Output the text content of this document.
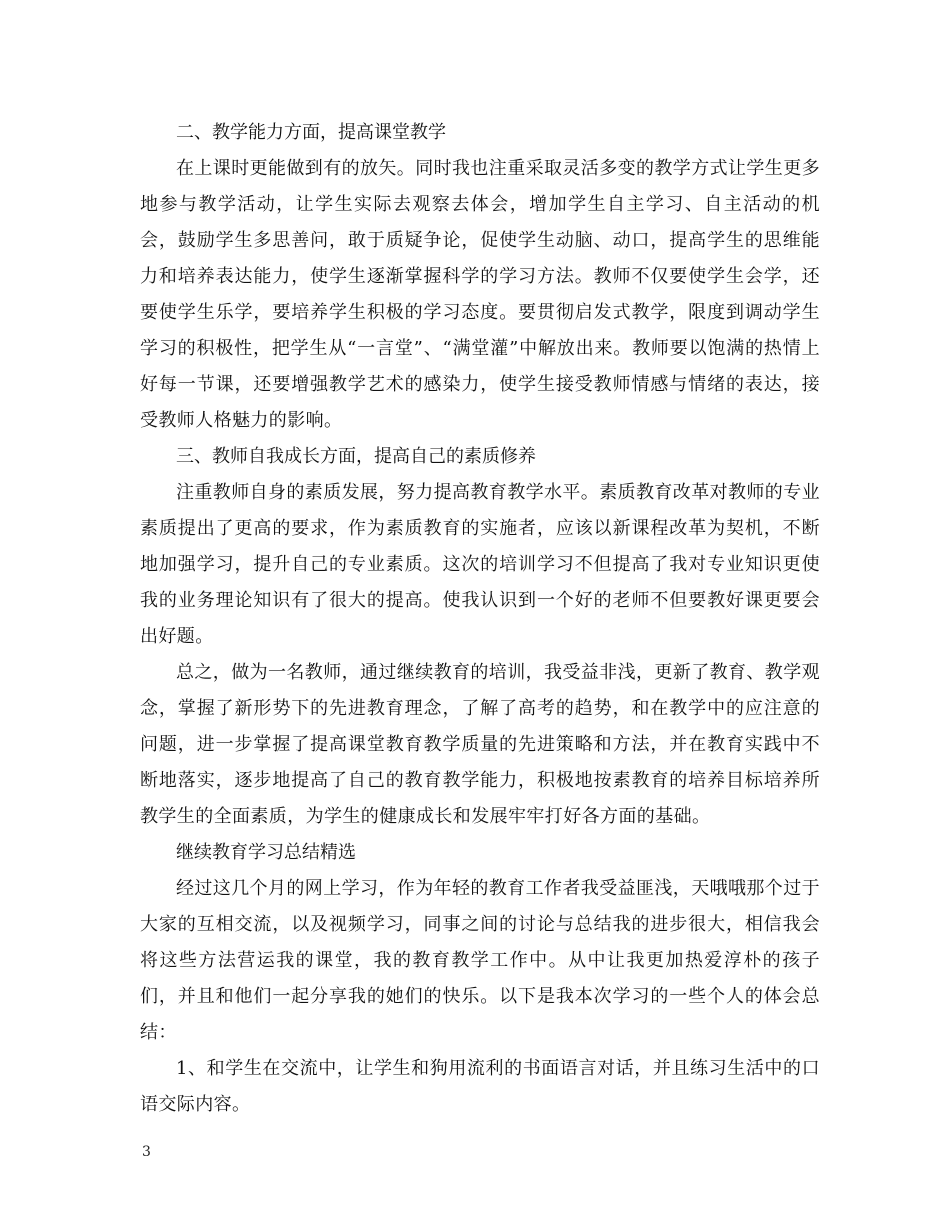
二、教学能力方面，提高课堂教学

在上课时更能做到有的放矢。同时我也注重采取灵活多变的教学方式让学生更多地参与教学活动，让学生实际去观察去体会，增加学生自主学习、自主活动的机会，鼓励学生多思善问，敢于质疑争论，促使学生动脑、动口，提高学生的思维能力和培养表达能力，使学生逐渐掌握科学的学习方法。教师不仅要使学生会学，还要使学生乐学，要培养学生积极的学习态度。要贯彻启发式教学，限度到调动学生学习的积极性，把学生从“一言堂”、“满堂灌”中解放出来。教师要以饱满的热情上好每一节课，还要增强教学艺术的感染力，使学生接受教师情感与情绪的表达，接受教师人格魅力的影响。

三、教师自我成长方面，提高自己的素质修养

注重教师自身的素质发展，努力提高教育教学水平。素质教育改革对教师的专业素质提出了更高的要求，作为素质教育的实施者，应该以新课程改革为契机，不断地加强学习，提升自己的专业素质。这次的培训学习不但提高了我对专业知识更使我的业务理论知识有了很大的提高。使我认识到一个好的老师不但要教好课更要会出好题。

总之，做为一名教师，通过继续教育的培训，我受益非浅，更新了教育、教学观念，掌握了新形势下的先进教育理念，了解了高考的趋势，和在教学中的应注意的问题，进一步掌握了提高课堂教育教学质量的先进策略和方法，并在教育实践中不断地落实，逐步地提高了自己的教育教学能力，积极地按素教育的培养目标培养所教学生的全面素质，为学生的健康成长和发展牢牢打好各方面的基础。

继续教育学习总结精选

经过这几个月的网上学习，作为年轻的教育工作者我受益匪浅，天哦哦那个过于大家的互相交流，以及视频学习，同事之间的讨论与总结我的进步很大，相信我会将这些方法营运我的课堂，我的教育教学工作中。从中让我更加热爱淳朴的孩子们，并且和他们一起分享我的她们的快乐。以下是我本次学习的一些个人的体会总结：

1、和学生在交流中，让学生和狗用流利的书面语言对话，并且练习生活中的口语交际内容。

3
